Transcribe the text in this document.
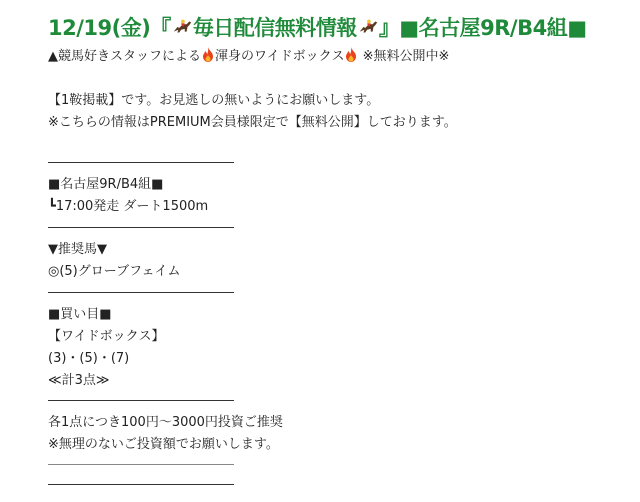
12/19(金)『 毎日配信無料情報 』■名古屋9R/B4組■
▲競馬好きスタッフによる 渾身のワイドボックス ※無料公開中※
【1鞍掲載】です。お見逃しの無いようにお願いします。
※こちらの情報はPREMIUM会員様限定で【無料公開】しております。
■名古屋9R/B4組■
┗17:00発走 ダート1500m
▼推奨馬▼
◎(5)グローブフェイム
■買い目■
【ワイドボックス】
(3)・(5)・(7)
≪計3点≫
各1点につき100円〜3000円投資ご推奨
※無理のないご投資額でお願いします。
